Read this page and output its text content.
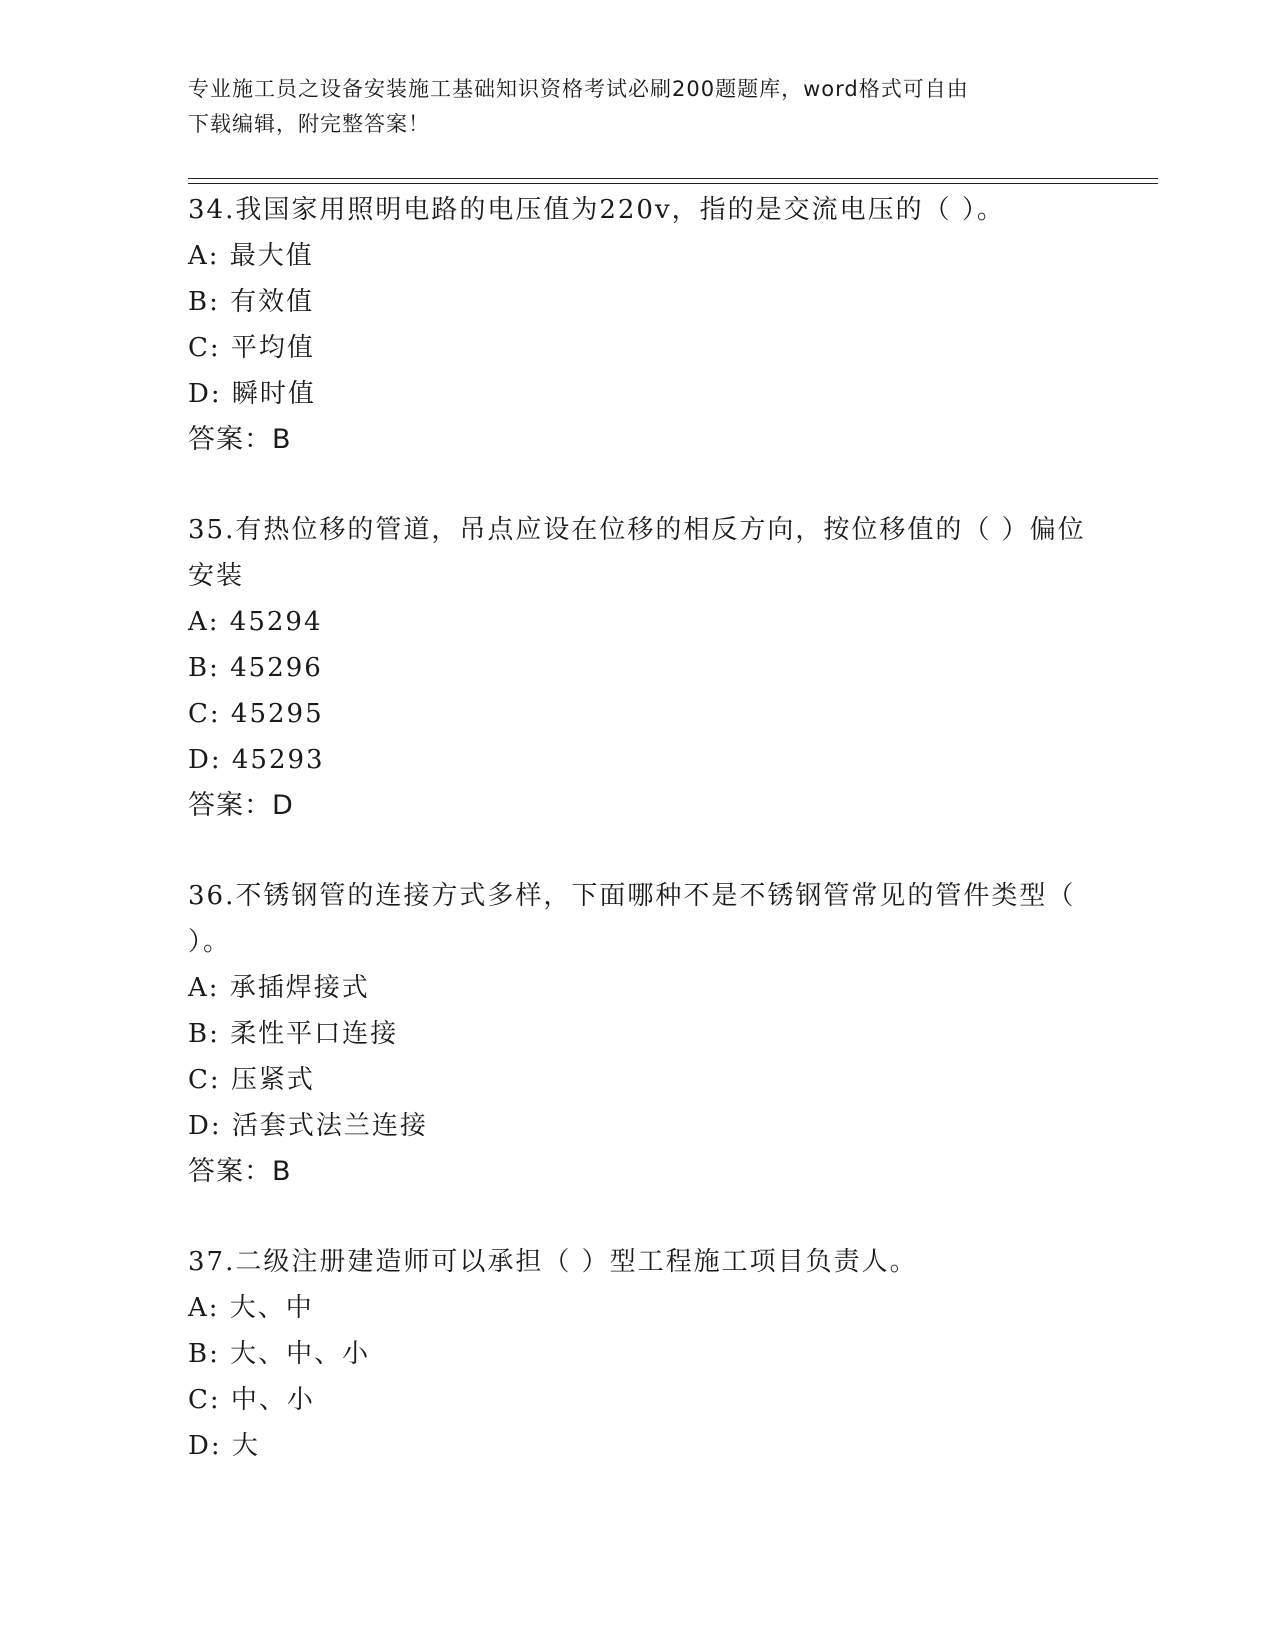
专业施工员之设备安装施工基础知识资格考试必刷200题题库，word格式可自由
下载编辑，附完整答案！
34.我国家用照明电路的电压值为220v，指的是交流电压的（ ）。
A: 最大值
B: 有效值
C: 平均值
D: 瞬时值
答案：B
35.有热位移的管道，吊点应设在位移的相反方向，按位移值的（ ）偏位安装
A: 45294
B: 45296
C: 45295
D: 45293
答案：D
36.不锈钢管的连接方式多样，下面哪种不是不锈钢管常见的管件类型（ ）。
A: 承插焊接式
B: 柔性平口连接
C: 压紧式
D: 活套式法兰连接
答案：B
37.二级注册建造师可以承担（ ）型工程施工项目负责人。
A: 大、中
B: 大、中、小
C: 中、小
D: 大
